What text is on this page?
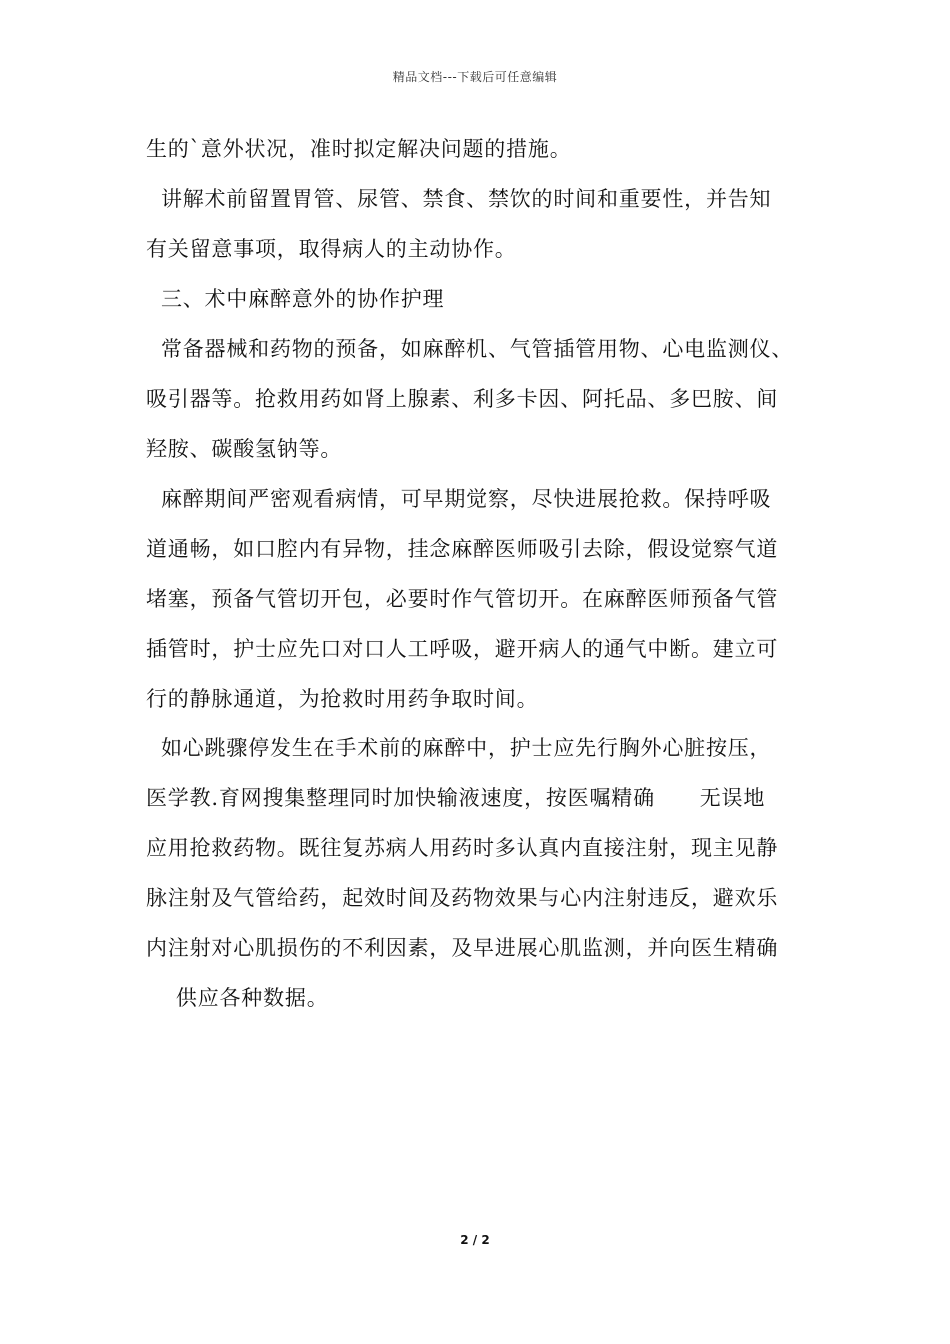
精品文档---下载后可任意编辑
生的`意外状况，准时拟定解决问题的措施。
讲解术前留置胃管、尿管、禁食、禁饮的时间和重要性，并告知
有关留意事项，取得病人的主动协作。
三、术中麻醉意外的协作护理
常备器械和药物的预备，如麻醉机、气管插管用物、心电监测仪、
吸引器等。抢救用药如肾上腺素、利多卡因、阿托品、多巴胺、间
羟胺、碳酸氢钠等。
麻醉期间严密观看病情，可早期觉察，尽快进展抢救。保持呼吸
道通畅，如口腔内有异物，挂念麻醉医师吸引去除，假设觉察气道
堵塞，预备气管切开包，必要时作气管切开。在麻醉医师预备气管
插管时，护士应先口对口人工呼吸，避开病人的通气中断。建立可
行的静脉通道，为抢救时用药争取时间。
如心跳骤停发生在手术前的麻醉中，护士应先行胸外心脏按压，
医学教.育网搜集整理同时加快输液速度，按医嘱精确      无误地
应用抢救药物。既往复苏病人用药时多认真内直接注射，现主见静
脉注射及气管给药，起效时间及药物效果与心内注射违反，避欢乐
内注射对心肌损伤的不利因素，及早进展心肌监测，并向医生精确
供应各种数据。
2 / 2
